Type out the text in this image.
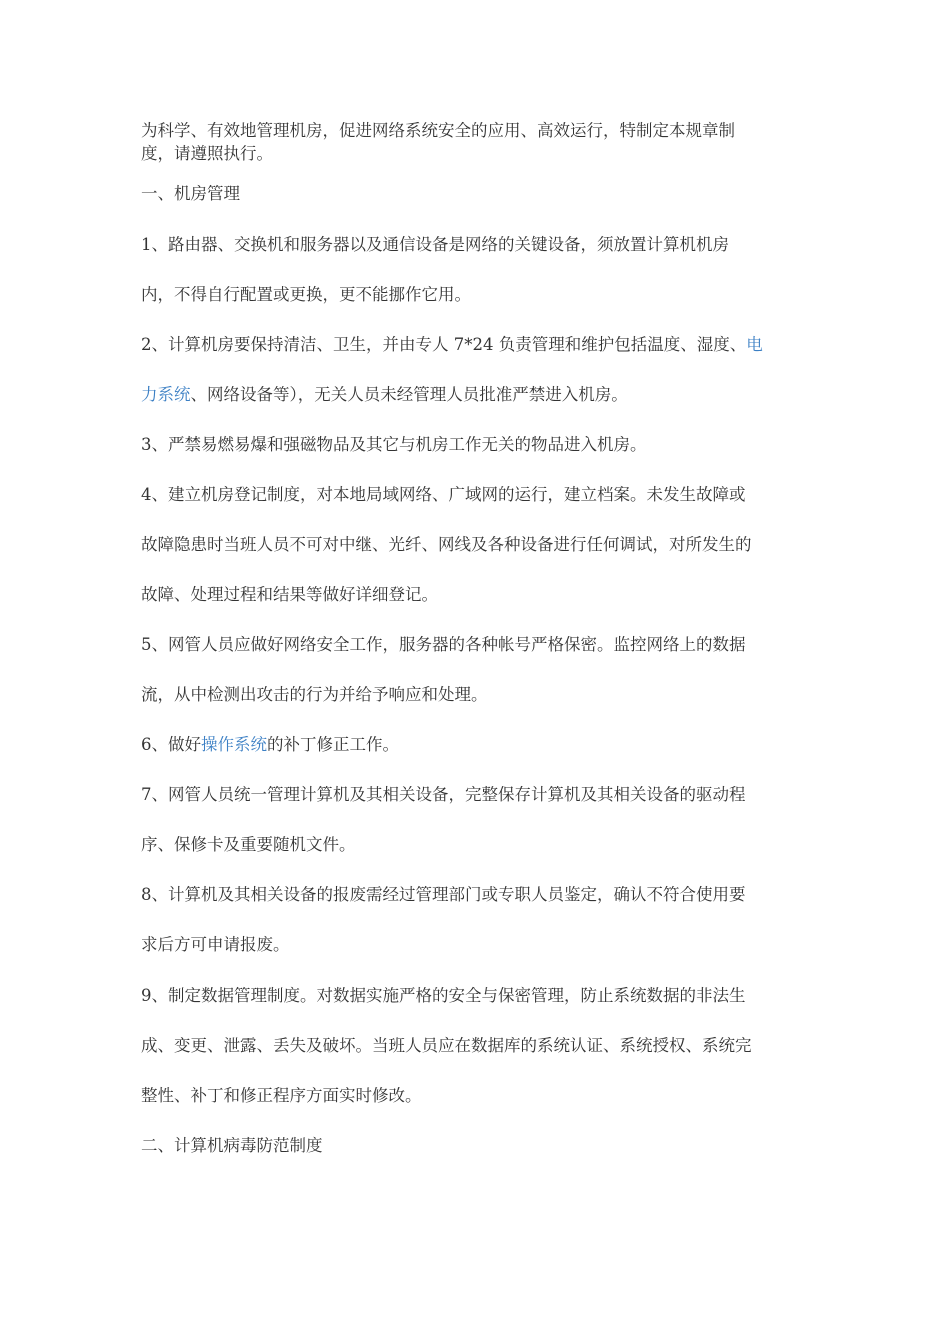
为科学、有效地管理机房，促进网络系统安全的应用、高效运行，特制定本规章制
度，请遵照执行。
一、机房管理
1、路由器、交换机和服务器以及通信设备是网络的关键设备，须放置计算机机房
内，不得自行配置或更换，更不能挪作它用。
2、计算机房要保持清洁、卫生，并由专人 7*24 负责管理和维护包括温度、湿度、电
力系统、网络设备等），无关人员未经管理人员批准严禁进入机房。
3、严禁易燃易爆和强磁物品及其它与机房工作无关的物品进入机房。
4、建立机房登记制度，对本地局域网络、广域网的运行，建立档案。未发生故障或
故障隐患时当班人员不可对中继、光纤、网线及各种设备进行任何调试，对所发生的
故障、处理过程和结果等做好详细登记。
5、网管人员应做好网络安全工作，服务器的各种帐号严格保密。监控网络上的数据
流，从中检测出攻击的行为并给予响应和处理。
6、做好操作系统的补丁修正工作。
7、网管人员统一管理计算机及其相关设备，完整保存计算机及其相关设备的驱动程
序、保修卡及重要随机文件。
8、计算机及其相关设备的报废需经过管理部门或专职人员鉴定，确认不符合使用要
求后方可申请报废。
9、制定数据管理制度。对数据实施严格的安全与保密管理，防止系统数据的非法生
成、变更、泄露、丢失及破坏。当班人员应在数据库的系统认证、系统授权、系统完
整性、补丁和修正程序方面实时修改。
二、计算机病毒防范制度
